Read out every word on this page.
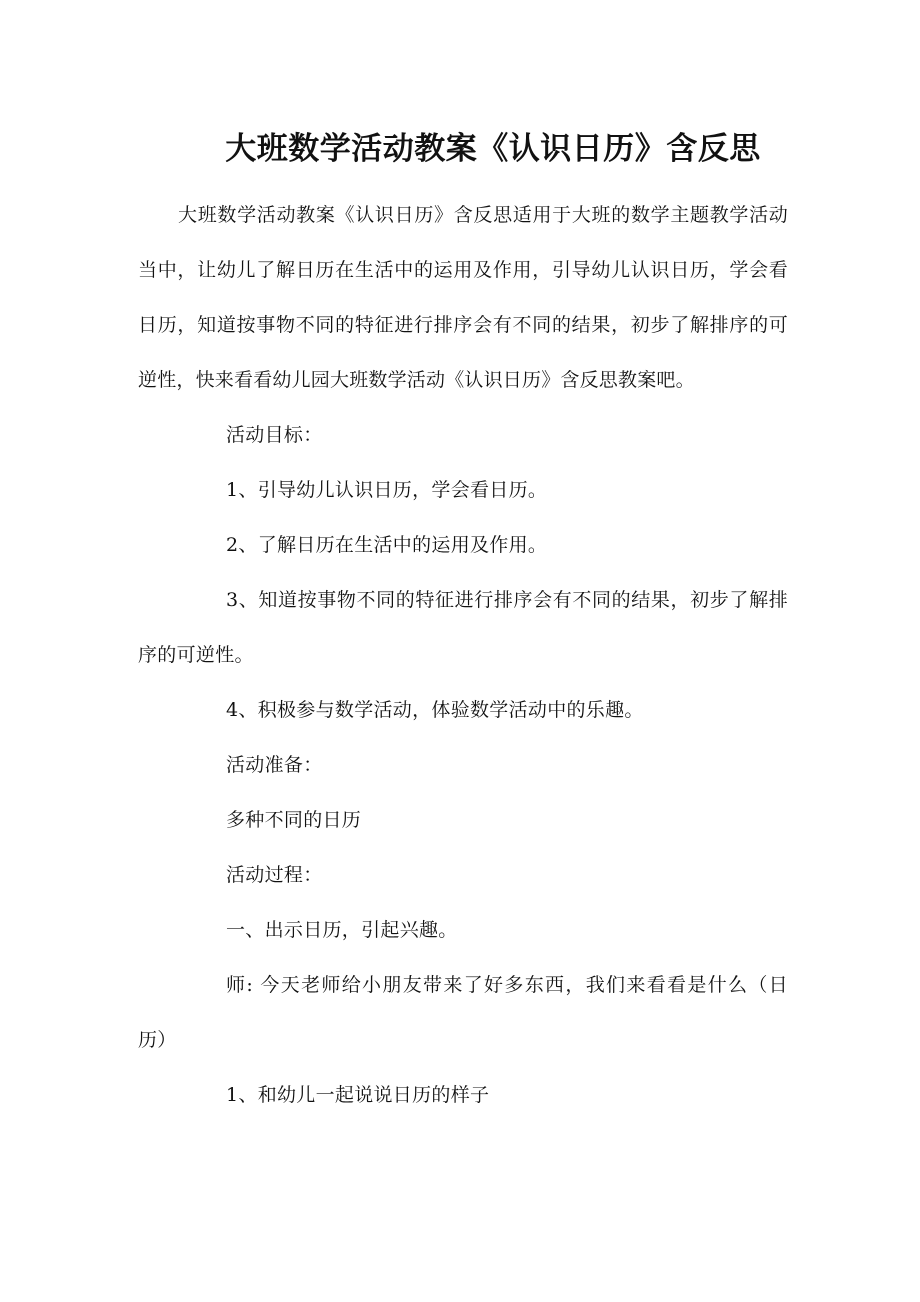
大班数学活动教案《认识日历》含反思

大班数学活动教案《认识日历》含反思适用于大班的数学主题教学活动当中，让幼儿了解日历在生活中的运用及作用，引导幼儿认识日历，学会看日历，知道按事物不同的特征进行排序会有不同的结果，初步了解排序的可逆性，快来看看幼儿园大班数学活动《认识日历》含反思教案吧。

活动目标：

1、引导幼儿认识日历，学会看日历。

2、了解日历在生活中的运用及作用。

3、知道按事物不同的特征进行排序会有不同的结果，初步了解排序的可逆性。

4、积极参与数学活动，体验数学活动中的乐趣。

活动准备：

多种不同的日历

活动过程：

一、出示日历，引起兴趣。

师: 今天老师给小朋友带来了好多东西，我们来看看是什么（日历）

1、和幼儿一起说说日历的样子
